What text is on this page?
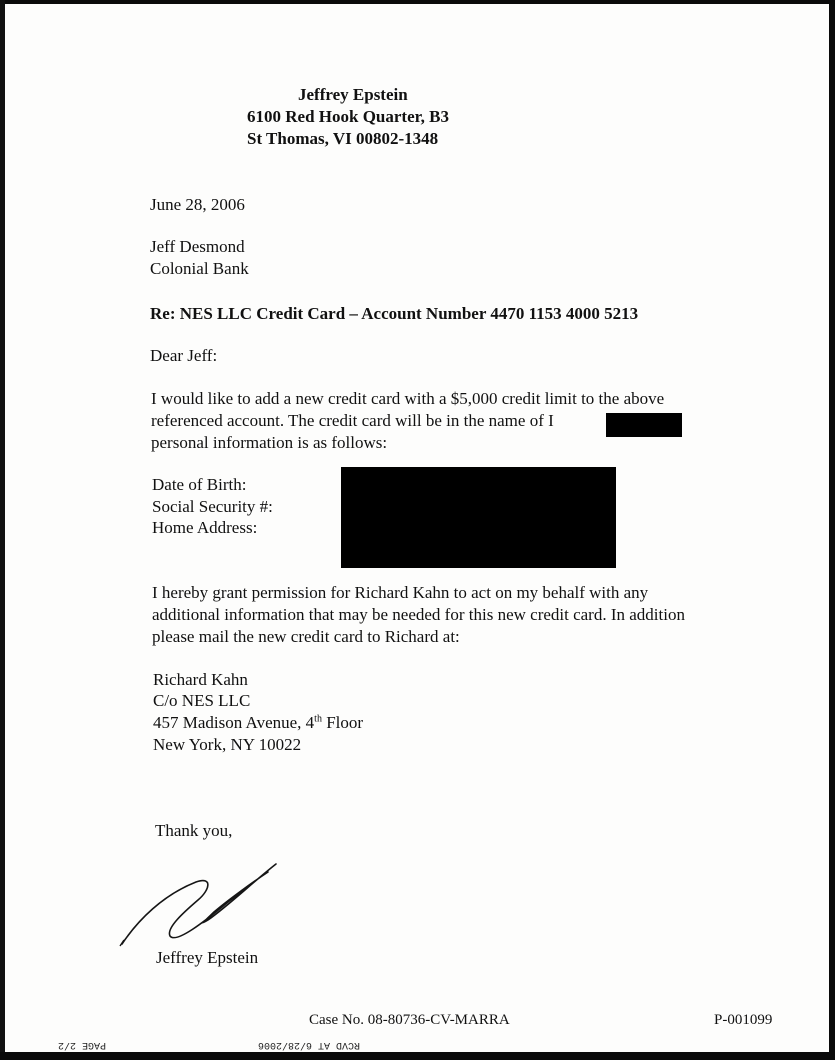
Jeffrey Epstein
6100 Red Hook Quarter, B3
St Thomas, VI 00802-1348
June 28, 2006
Jeff Desmond
Colonial Bank
Re: NES LLC Credit Card – Account Number 4470 1153 4000 5213
Dear Jeff:
I would like to add a new credit card with a $5,000 credit limit to the above
referenced account. The credit card will be in the name of I
personal information is as follows:
Date of Birth:
Social Security #:
Home Address:
I hereby grant permission for Richard Kahn to act on my behalf with any
additional information that may be needed for this new credit card. In addition
please mail the new credit card to Richard at:
Richard Kahn
C/o NES LLC
457 Madison Avenue, 4th Floor
New York, NY 10022
Thank you,
Jeffrey Epstein
Case No. 08-80736-CV-MARRA	P-001099
PAGE 2/2	RCVD AT 6/28/2006
